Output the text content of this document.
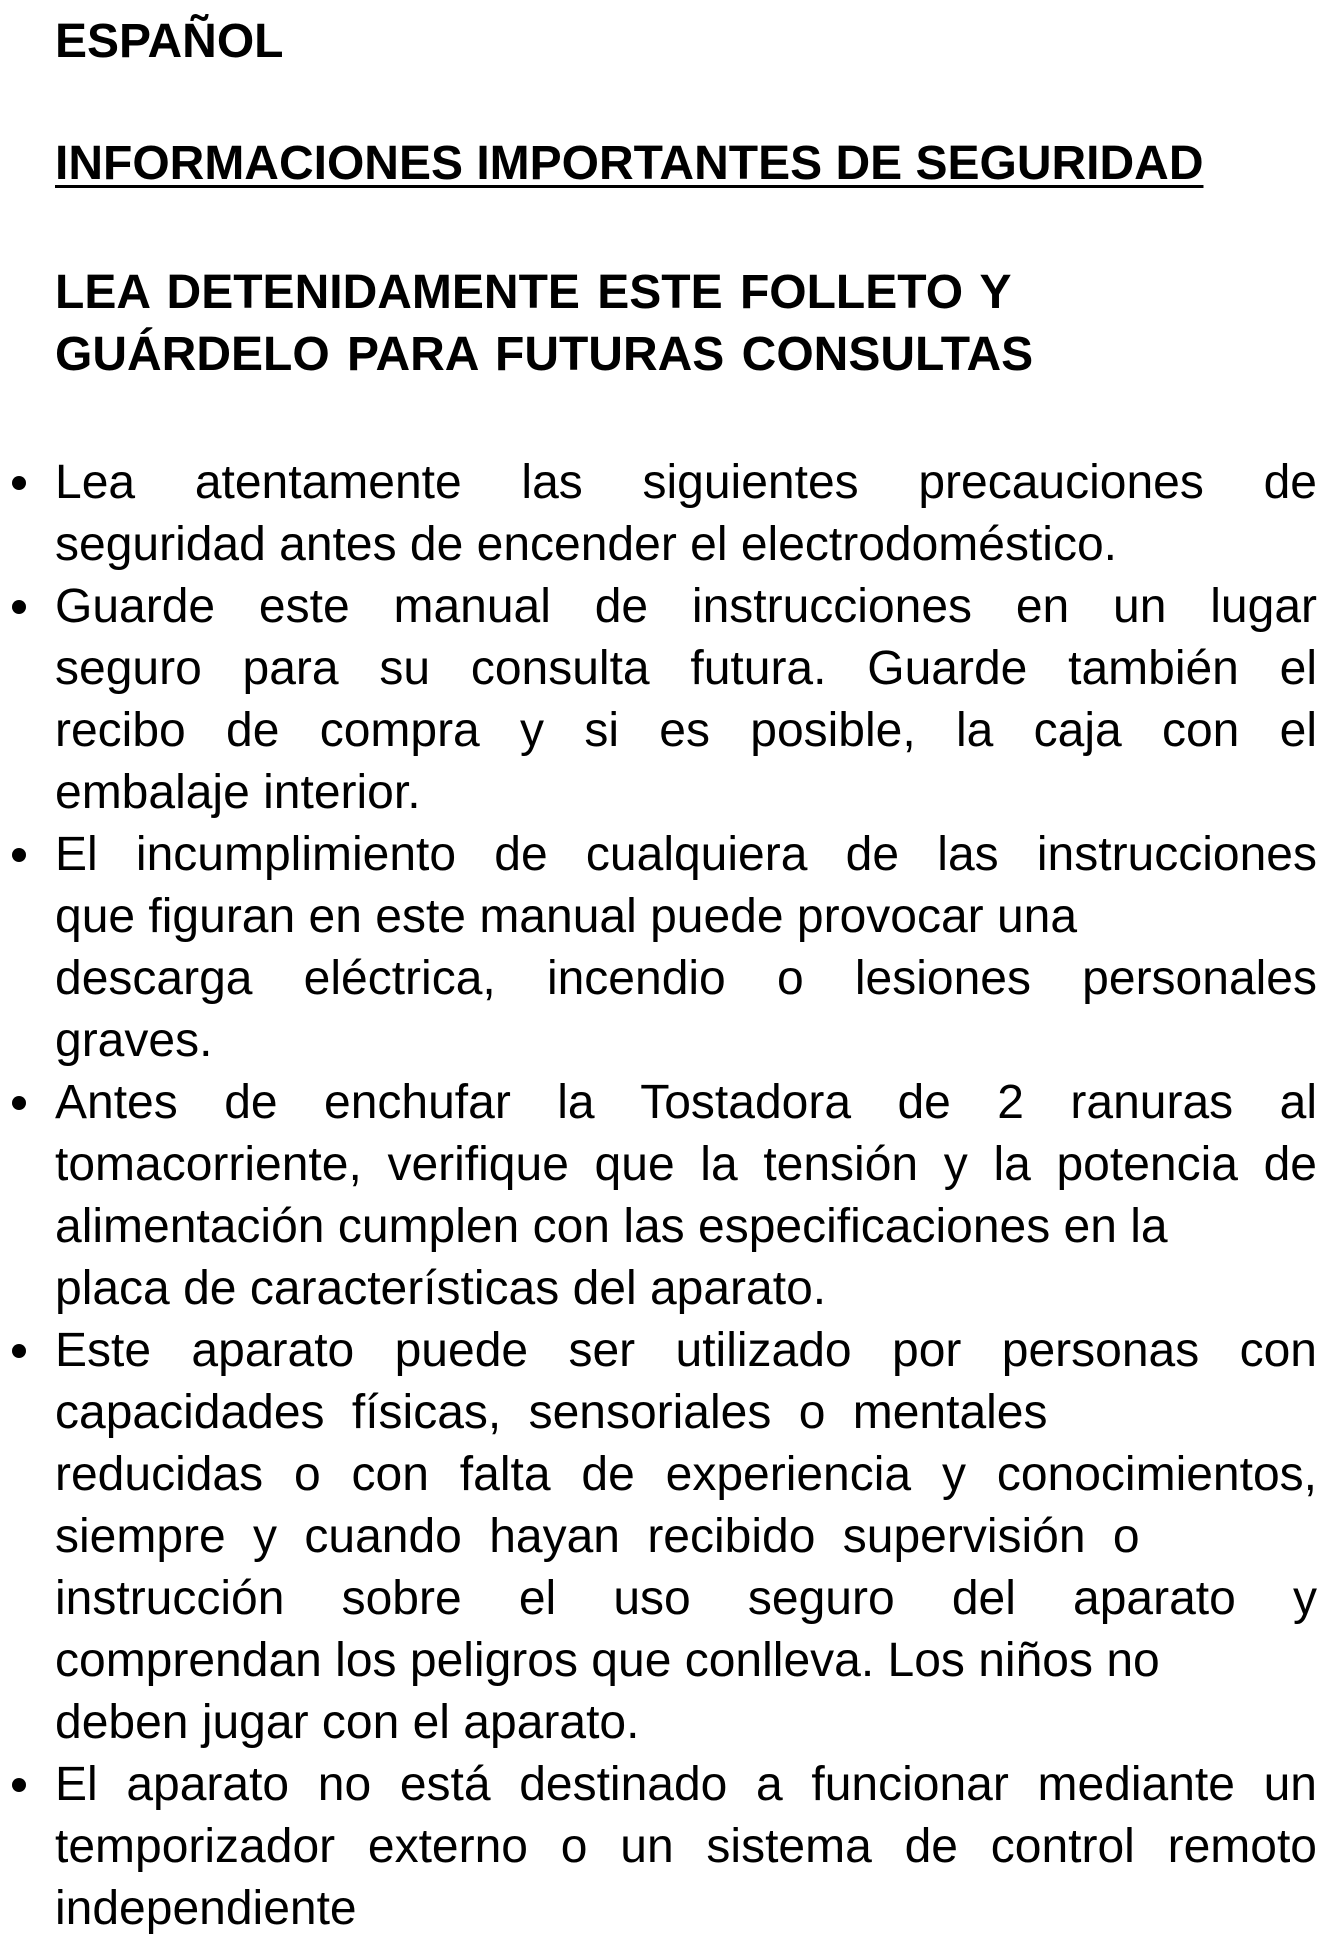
ESPAÑOL
INFORMACIONES IMPORTANTES DE SEGURIDAD
LEA DETENIDAMENTE ESTE FOLLETO Y
GUÁRDELO PARA FUTURAS CONSULTAS
Lea atentamente las siguientes precauciones de
seguridad antes de encender el electrodoméstico.
Guarde este manual de instrucciones en un lugar
seguro para su consulta futura. Guarde también el
recibo de compra y si es posible, la caja con el
embalaje interior.
El incumplimiento de cualquiera de las instrucciones
que figuran en este manual puede provocar una
descarga eléctrica, incendio o lesiones personales
graves.
Antes de enchufar la Tostadora de 2 ranuras al
tomacorriente, verifique que la tensión y la potencia de
alimentación cumplen con las especificaciones en la
placa de características del aparato.
Este aparato puede ser utilizado por personas con
capacidades físicas, sensoriales o mentales
reducidas o con falta de experiencia y conocimientos,
siempre y cuando hayan recibido supervisión o
instrucción sobre el uso seguro del aparato y
comprendan los peligros que conlleva. Los niños no
deben jugar con el aparato.
El aparato no está destinado a funcionar mediante un
temporizador externo o un sistema de control remoto
independiente
